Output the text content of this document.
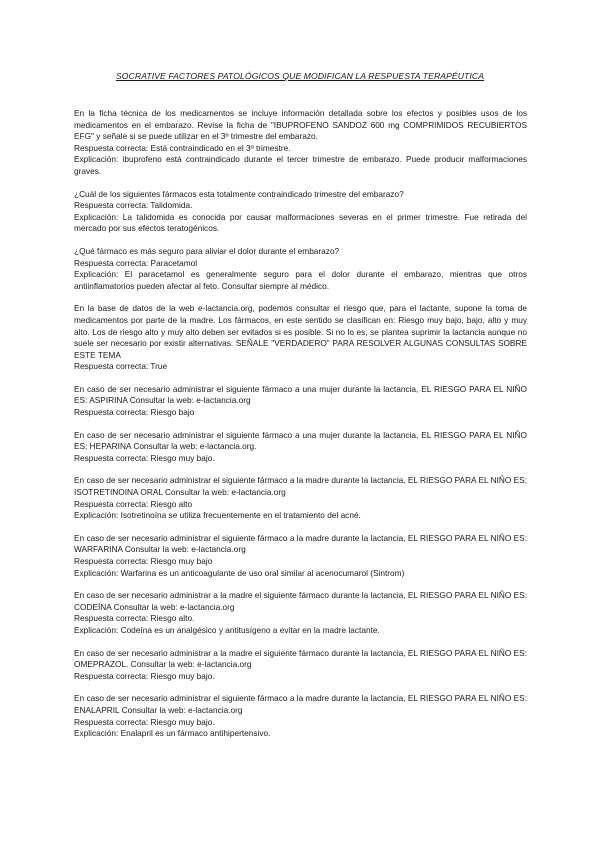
SOCRATIVE FACTORES PATOLÓGICOS QUE MODIFICAN LA RESPUESTA TERAPÉUTICA

En la ficha técnica de los medicamentos se incluye información detallada sobre los efectos y posibles usos de los medicamentos en el embarazo. Revise la ficha de "IBUPROFENO SANDOZ 600 mg COMPRIMIDOS RECUBIERTOS EFG" y señale si se puede utilizar en el 3º trimestre del embarazo.

Respuesta correcta: Está contraindicado en el 3º trimestre.

Explicación: ibuprofeno está contraindicado durante el tercer trimestre de embarazo. Puede producir malformaciones graves.

¿Cuál de los siguientes fármacos esta totalmente contraindicado trimestre del embarazo?

Respuesta correcta: Talidomida.

Explicación: La talidomida es conocida por causar malformaciones severas en el primer trimestre. Fue retirada del mercado por sus efectos teratogénicos.

¿Qué fármaco es más seguro para aliviar el dolor durante el embarazo?

Respuesta correcta: Paracetamol

Explicación: El paracetamol es generalmente seguro para el dolor durante el embarazo, mientras que otros antiinflamatorios pueden afectar al feto. Consultar siempre al médico.

En la base de datos de la web e-lactancia.org, podemos consultar el riesgo que, para el lactante, supone la toma de medicamentos por parte de la madre. Los fármacos, en este sentido se clasifican en: Riesgo muy bajo, bajo, alto y muy alto. Los de riesgo alto y muy alto deben ser evitados si es posible. Si no lo es, se plantea suprimir la lactancia aunque no suele ser necesario por existir alternativas. SEÑALE "VERDADERO" PARA RESOLVER ALGUNAS CONSULTAS SOBRE ESTE TEMA

Respuesta correcta: True

En caso de ser necesario administrar el siguiente fármaco a una mujer durante la lactancia, EL RIESGO PARA EL NIÑO ES: ASPIRINA Consultar la web: e-lactancia.org

Respuesta correcta: Riesgo bajo

En caso de ser necesario administrar el siguiente fármaco a una mujer durante la lactancia, EL RIESGO PARA EL NIÑO ES: HEPARINA Consultar la web: e-lactancia.org.

Respuesta correcta: Riesgo muy bajo.

En caso de ser necesario administrar el siguiente fármaco a la madre durante la lactancia, EL RIESGO PARA EL NIÑO ES: ISOTRETINOINA ORAL Consultar la web: e-lactancia.org

Respuesta correcta: Riesgo alto

Explicación: Isotretinoína se utiliza frecuentemente en el tratamiento del acné.

En caso de ser necesario administrar el siguiente fármaco a la madre durante la lactancia, EL RIESGO PARA EL NIÑO ES: WARFARINA Consultar la web: e-lactancia.org

Respuesta correcta: Riesgo muy bajo

Explicación: Warfarina es un anticoagulante de uso oral similar al acenocumarol (Sintrom)

En caso de ser necesario administrar a la madre el siguiente fármaco durante la lactancia, EL RIESGO PARA EL NIÑO ES: CODEÍNA Consultar la web: e-lactancia.org

Respuesta correcta: Riesgo alto.

Explicación: Codeína es un analgésico y antitusígeno a evitar en la madre lactante.

En caso de ser necesario administrar a la madre el siguiente fármaco durante la lactancia, EL RIESGO PARA EL NIÑO ES: OMEPRAZOL. Consultar la web: e-lactancia.org

Respuesta correcta: Riesgo muy bajo.

En caso de ser necesario administrar el siguiente fármaco a la madre durante la lactancia, EL RIESGO PARA EL NIÑO ES: ENALAPRIL Consultar la web: e-lactancia.org

Respuesta correcta: Riesgo muy bajo.

Explicación: Enalapril es un fármaco antihipertensivo.
